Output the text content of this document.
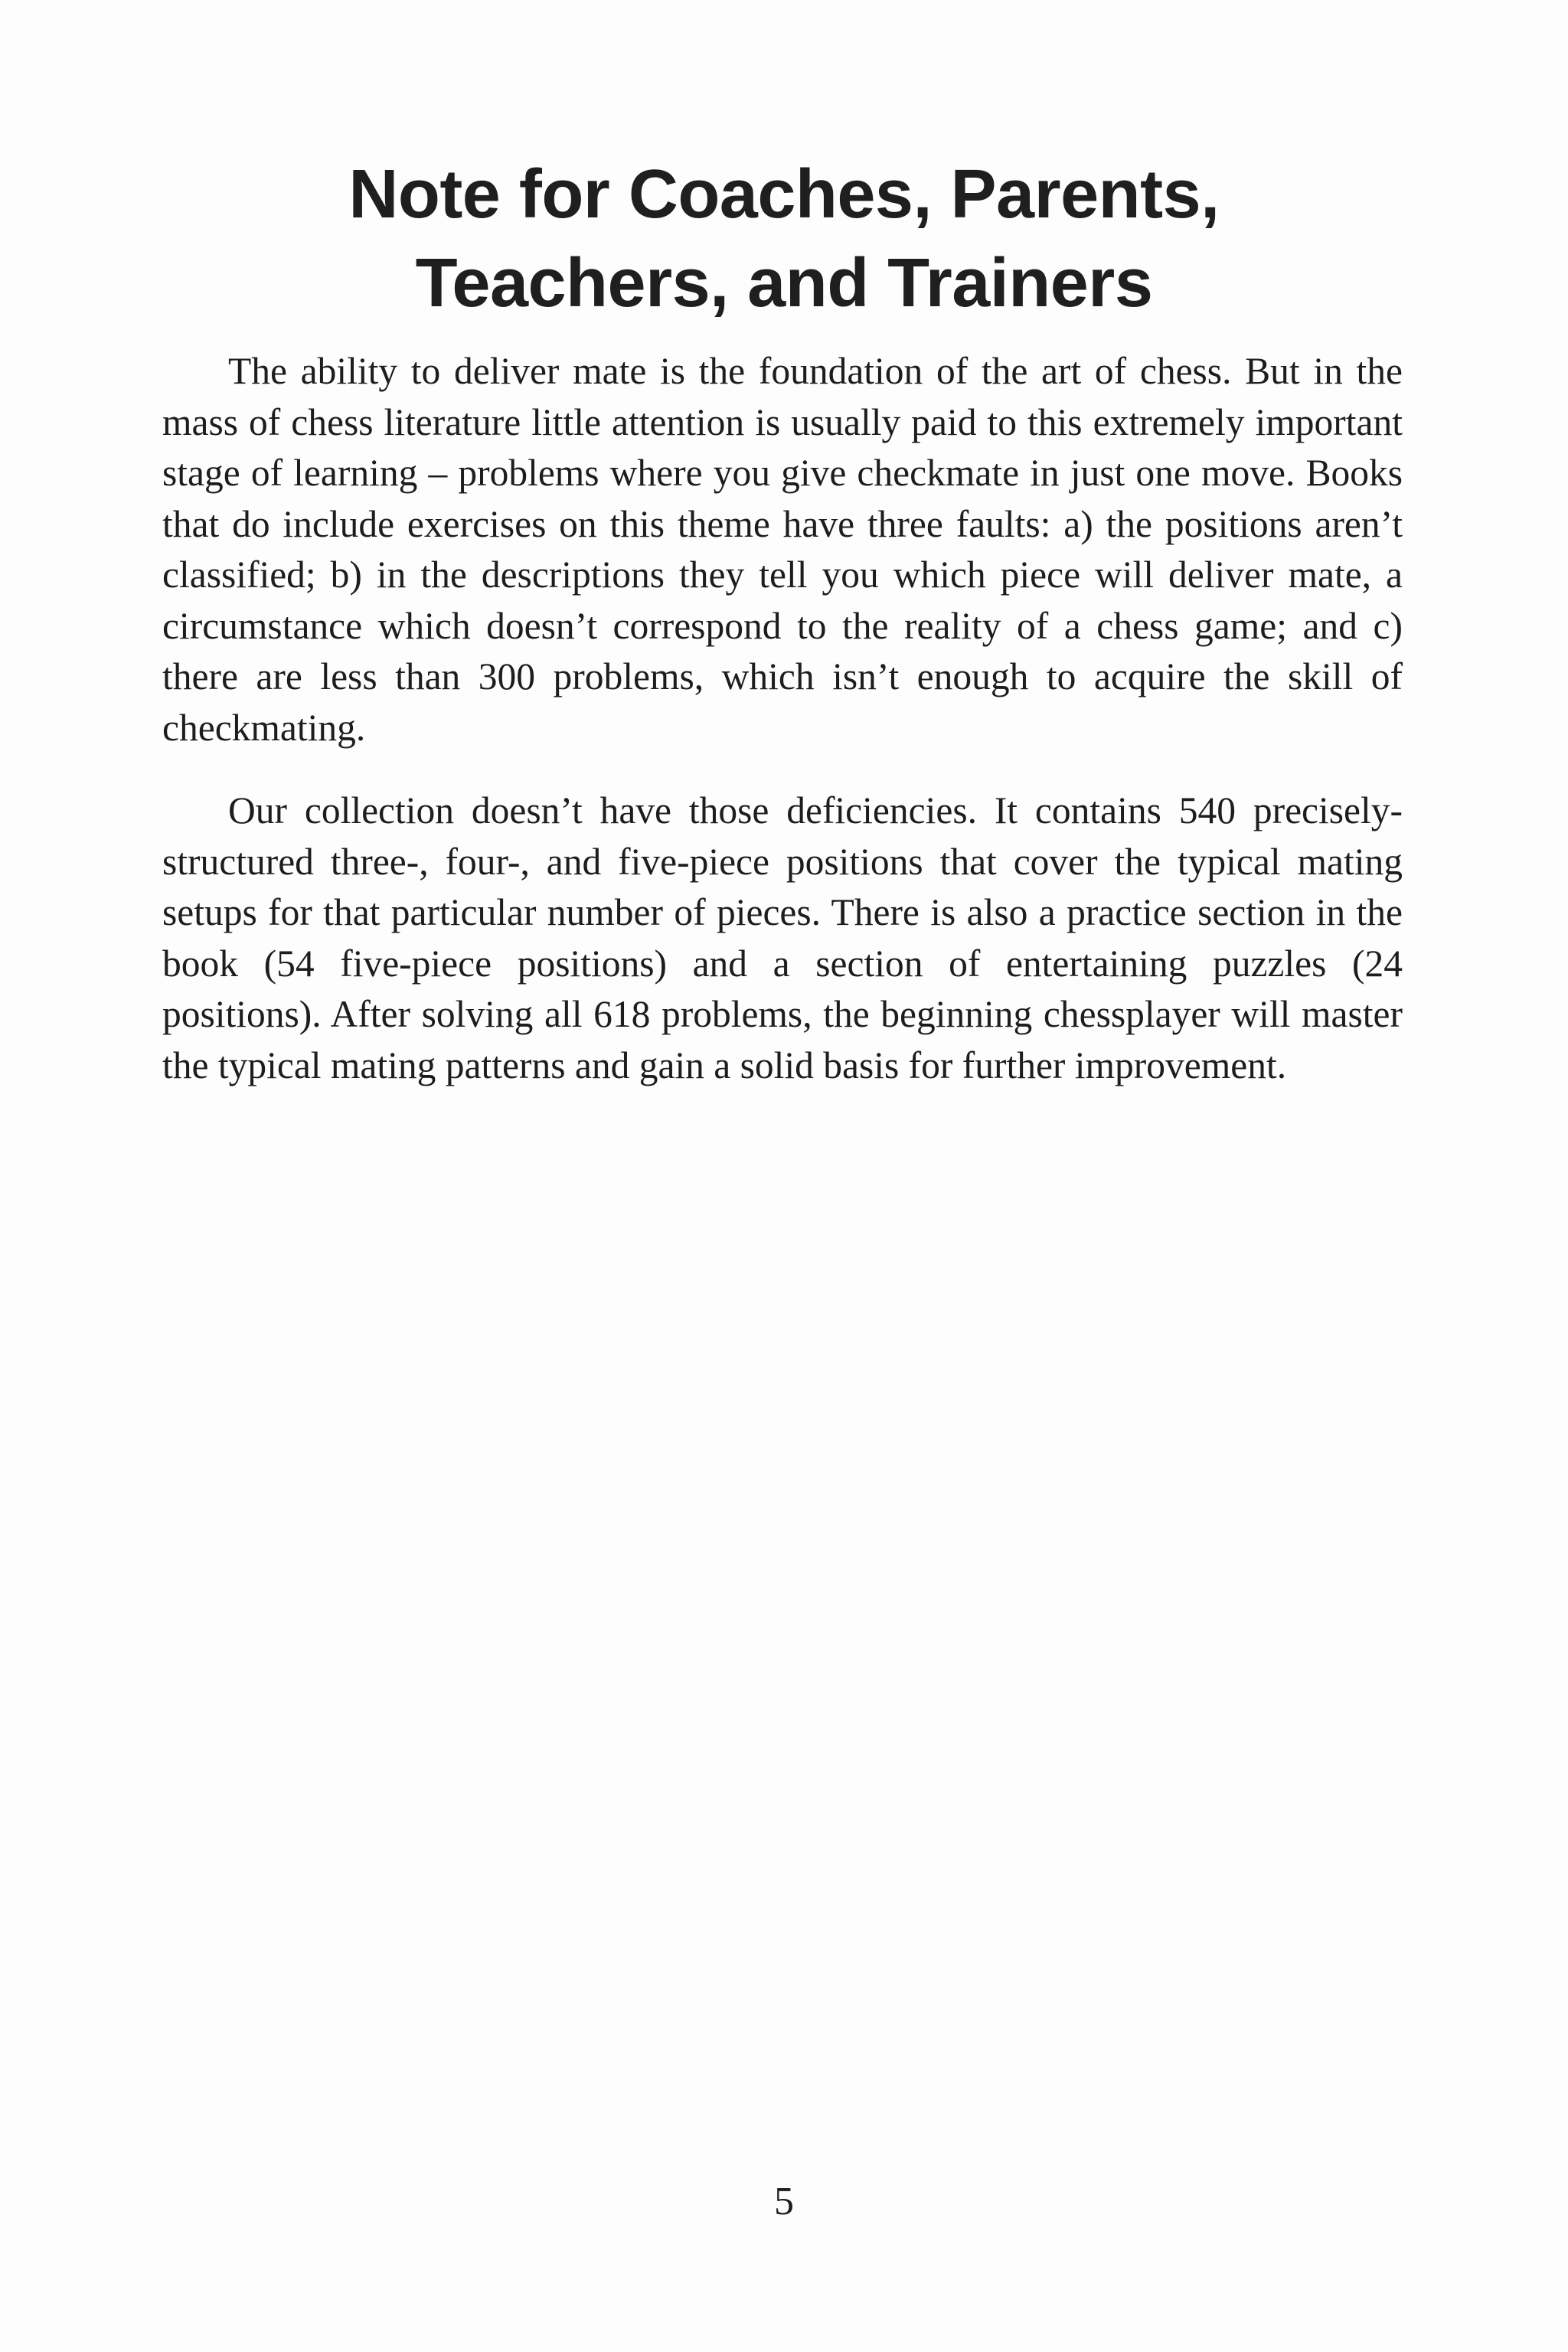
Note for Coaches, Parents,
Teachers, and Trainers

The ability to deliver mate is the foundation of the art of chess. But in the mass of chess literature little attention is usually paid to this extremely important stage of learning – problems where you give checkmate in just one move. Books that do include exercises on this theme have three faults: a) the positions aren’t classified; b) in the descriptions they tell you which piece will deliver mate, a circumstance which doesn’t correspond to the reality of a chess game; and c) there are less than 300 problems, which isn’t enough to acquire the skill of checkmating.

Our collection doesn’t have those deficiencies. It contains 540 precisely-structured three-, four-, and five-piece positions that cover the typical mating setups for that particular number of pieces. There is also a practice section in the book (54 five-piece positions) and a section of entertaining puzzles (24 positions). After solving all 618 problems, the beginning chessplayer will master the typical mating patterns and gain a solid basis for further improvement.

5
